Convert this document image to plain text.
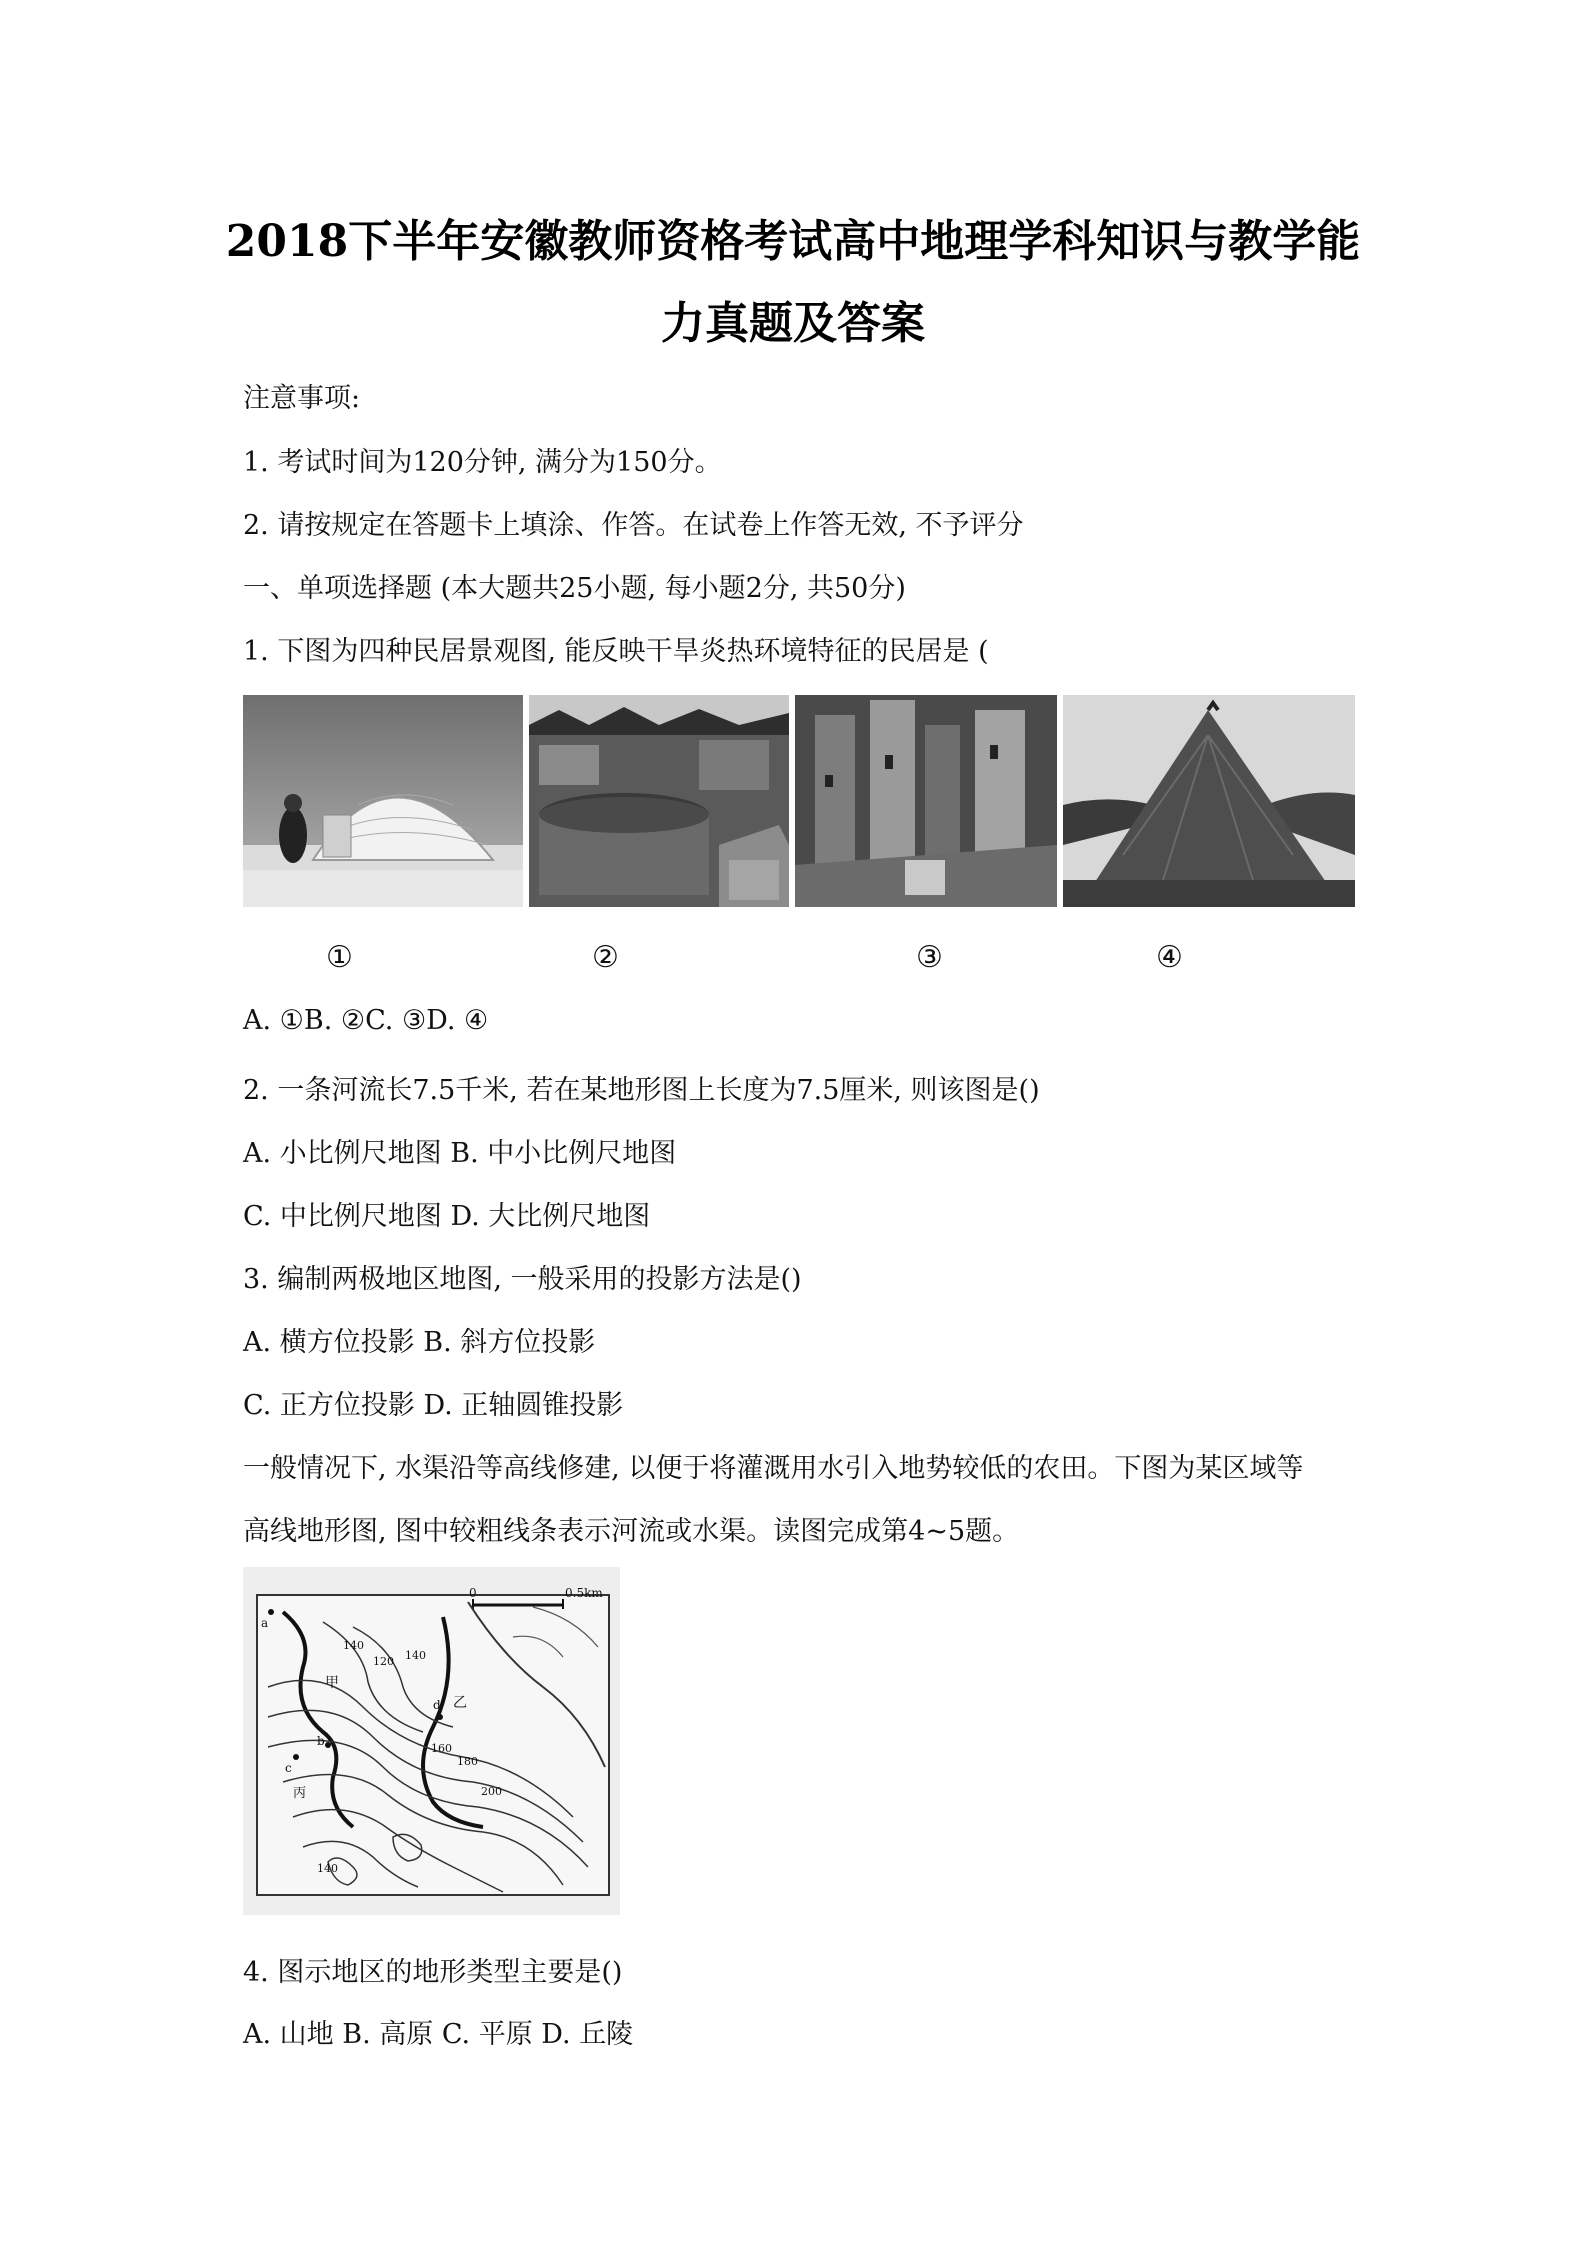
2018下半年安徽教师资格考试高中地理学科知识与教学能
力真题及答案
注意事项:
1. 考试时间为120分钟, 满分为150分。
2. 请按规定在答题卡上填涂、作答。在试卷上作答无效, 不予评分
一、单项选择题 (本大题共25小题, 每小题2分, 共50分)
1. 下图为四种民居景观图, 能反映干旱炎热环境特征的民居是 (
①	②	③	④
A. ①B. ②C. ③D. ④
2. 一条河流长7.5千米, 若在某地形图上长度为7.5厘米, 则该图是()
A. 小比例尺地图 B. 中小比例尺地图
C. 中比例尺地图 D. 大比例尺地图
3. 编制两极地区地图, 一般采用的投影方法是()
A. 横方位投影 B. 斜方位投影
C. 正方位投影 D. 正轴圆锥投影
一般情况下, 水渠沿等高线修建, 以便于将灌溉用水引入地势较低的农田。下图为某区域等
高线地形图, 图中较粗线条表示河流或水渠。读图完成第4~5题。
0	0.5km
a
b
c
d
甲
乙
丙
140
120 140
160
180
200
140
4. 图示地区的地形类型主要是()
A. 山地 B. 高原 C. 平原 D. 丘陵
